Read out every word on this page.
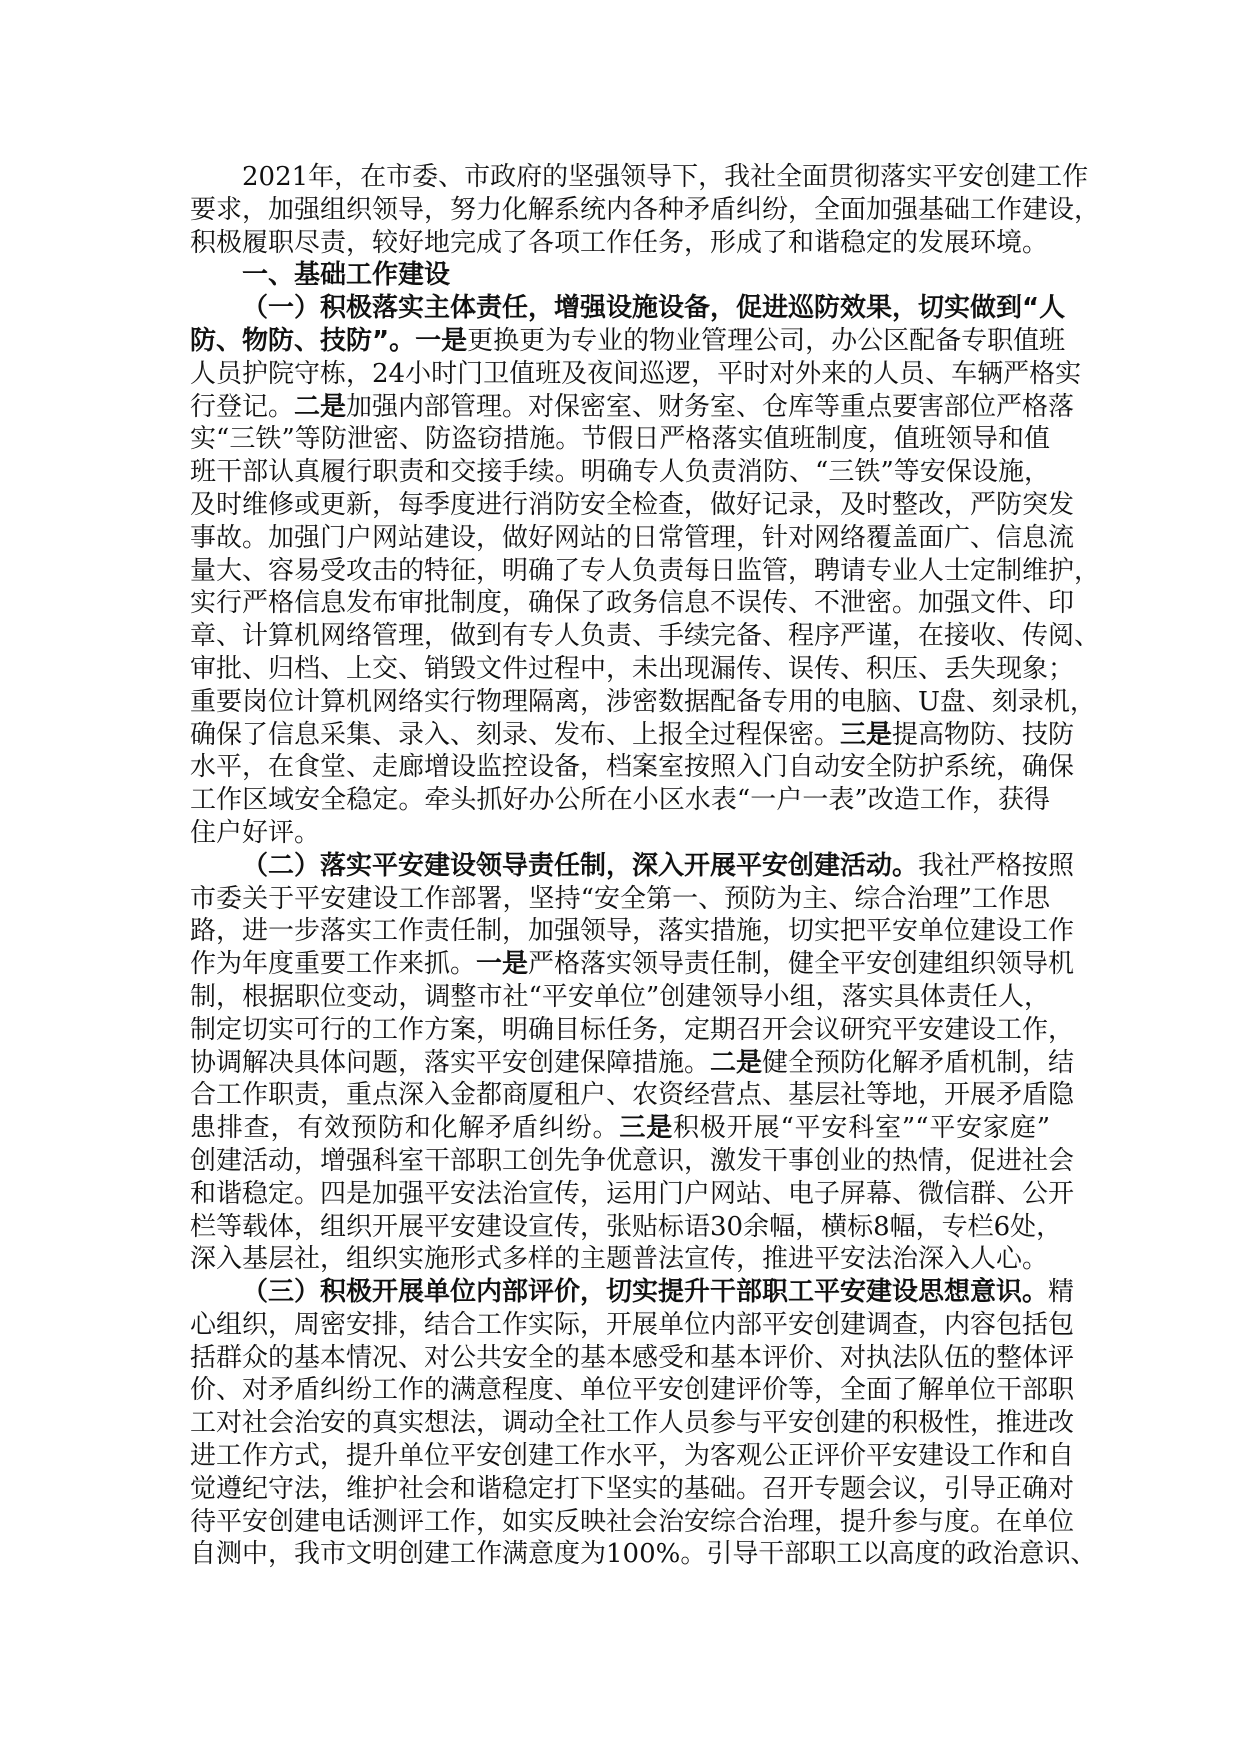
2021年，在市委、市政府的坚强领导下，我社全面贯彻落实平安创建工作
要求，加强组织领导，努力化解系统内各种矛盾纠纷，全面加强基础工作建设，
积极履职尽责，较好地完成了各项工作任务，形成了和谐稳定的发展环境。
一、基础工作建设
（一）积极落实主体责任，增强设施设备，促进巡防效果，切实做到“人
防、物防、技防”。一是更换更为专业的物业管理公司，办公区配备专职值班
人员护院守栋，24小时门卫值班及夜间巡逻，平时对外来的人员、车辆严格实
行登记。二是加强内部管理。对保密室、财务室、仓库等重点要害部位严格落
实“三铁”等防泄密、防盗窃措施。节假日严格落实值班制度，值班领导和值
班干部认真履行职责和交接手续。明确专人负责消防、“三铁”等安保设施，
及时维修或更新，每季度进行消防安全检查，做好记录，及时整改，严防突发
事故。加强门户网站建设，做好网站的日常管理，针对网络覆盖面广、信息流
量大、容易受攻击的特征，明确了专人负责每日监管，聘请专业人士定制维护，
实行严格信息发布审批制度，确保了政务信息不误传、不泄密。加强文件、印
章、计算机网络管理，做到有专人负责、手续完备、程序严谨，在接收、传阅、
审批、归档、上交、销毁文件过程中，未出现漏传、误传、积压、丢失现象；
重要岗位计算机网络实行物理隔离，涉密数据配备专用的电脑、U盘、刻录机，
确保了信息采集、录入、刻录、发布、上报全过程保密。三是提高物防、技防
水平，在食堂、走廊增设监控设备，档案室按照入门自动安全防护系统，确保
工作区域安全稳定。牵头抓好办公所在小区水表“一户一表”改造工作，获得
住户好评。
（二）落实平安建设领导责任制，深入开展平安创建活动。我社严格按照
市委关于平安建设工作部署，坚持“安全第一、预防为主、综合治理”工作思
路，进一步落实工作责任制，加强领导，落实措施，切实把平安单位建设工作
作为年度重要工作来抓。一是严格落实领导责任制，健全平安创建组织领导机
制，根据职位变动，调整市社“平安单位”创建领导小组，落实具体责任人，
制定切实可行的工作方案，明确目标任务，定期召开会议研究平安建设工作，
协调解决具体问题，落实平安创建保障措施。二是健全预防化解矛盾机制，结
合工作职责，重点深入金都商厦租户、农资经营点、基层社等地，开展矛盾隐
患排查，有效预防和化解矛盾纠纷。三是积极开展“平安科室”“平安家庭”
创建活动，增强科室干部职工创先争优意识，激发干事创业的热情，促进社会
和谐稳定。四是加强平安法治宣传，运用门户网站、电子屏幕、微信群、公开
栏等载体，组织开展平安建设宣传，张贴标语30余幅，横标8幅，专栏6处，
深入基层社，组织实施形式多样的主题普法宣传，推进平安法治深入人心。
（三）积极开展单位内部评价，切实提升干部职工平安建设思想意识。精
心组织，周密安排，结合工作实际，开展单位内部平安创建调查，内容包括包
括群众的基本情况、对公共安全的基本感受和基本评价、对执法队伍的整体评
价、对矛盾纠纷工作的满意程度、单位平安创建评价等，全面了解单位干部职
工对社会治安的真实想法，调动全社工作人员参与平安创建的积极性，推进改
进工作方式，提升单位平安创建工作水平，为客观公正评价平安建设工作和自
觉遵纪守法，维护社会和谐稳定打下坚实的基础。召开专题会议，引导正确对
待平安创建电话测评工作，如实反映社会治安综合治理，提升参与度。在单位
自测中，我市文明创建工作满意度为100%。引导干部职工以高度的政治意识、
